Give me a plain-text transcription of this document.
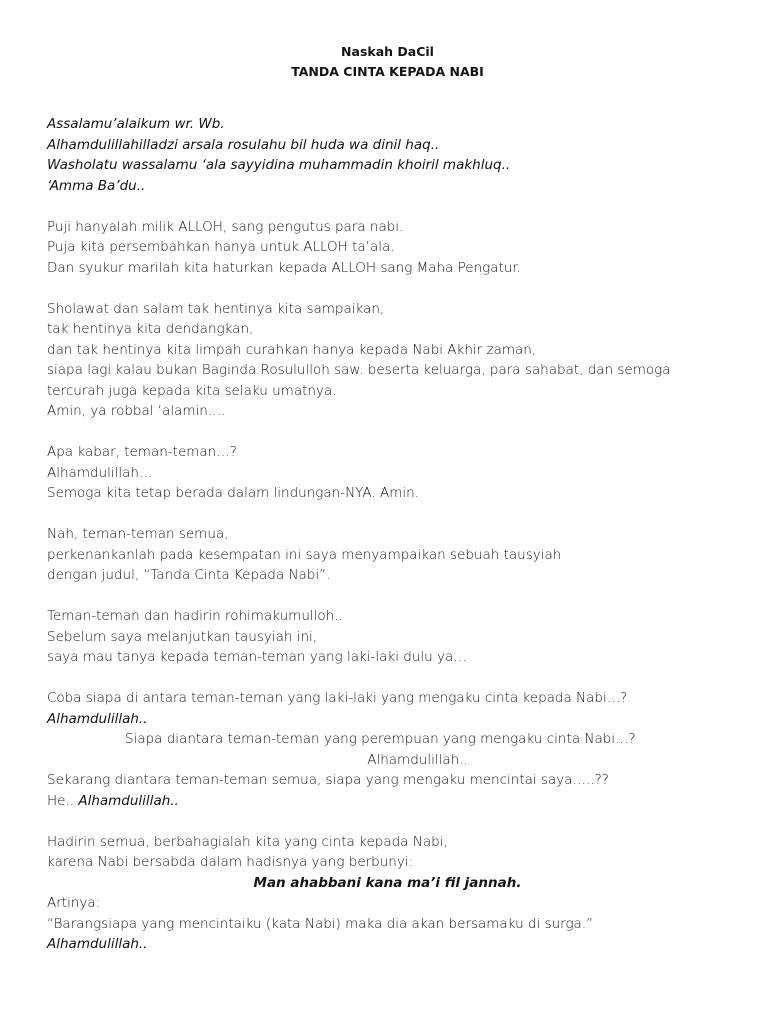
Naskah DaCil
TANDA CINTA KEPADA NABI
Assalamu’alaikum wr. Wb.
Alhamdulillahilladzi arsala rosulahu bil huda wa dinil haq..
Washolatu wassalamu ‘ala sayyidina muhammadin khoiril makhluq..
‘Amma Ba’du..
Puji hanyalah milik ALLOH, sang pengutus para nabi.
Puja kita persembahkan hanya untuk ALLOH ta’ala.
Dan syukur marilah kita haturkan kepada ALLOH sang Maha Pengatur.
Sholawat dan salam tak hentinya kita sampaikan,
tak hentinya kita dendangkan,
dan tak hentinya kita limpah curahkan hanya kepada Nabi Akhir zaman,
siapa lagi kalau bukan Baginda Rosululloh saw. beserta keluarga, para sahabat, dan semoga
tercurah juga kepada kita selaku umatnya.
Amin, ya robbal ‘alamin….
Apa kabar, teman-teman…?
Alhamdulillah…
Semoga kita tetap berada dalam lindungan-NYA. Amin.
Nah, teman-teman semua,
perkenankanlah pada kesempatan ini saya menyampaikan sebuah tausyiah
dengan judul, “Tanda Cinta Kepada Nabi”.
Teman-teman dan hadirin rohimakumulloh..
Sebelum saya melanjutkan tausyiah ini,
saya mau tanya kepada teman-teman yang laki-laki dulu ya…
Coba siapa di antara teman-teman yang laki-laki yang mengaku cinta kepada Nabi…?
Alhamdulillah..
Siapa diantara teman-teman yang perempuan yang mengaku cinta Nabi…?
Alhamdulillah..
Sekarang diantara teman-teman semua, siapa yang mengaku mencintai saya…..??
He.. Alhamdulillah..
Hadirin semua, berbahagialah kita yang cinta kepada Nabi,
karena Nabi bersabda dalam hadisnya yang berbunyi:
Man ahabbani kana ma’i fil jannah.
Artinya:
“Barangsiapa yang mencintaiku (kata Nabi) maka dia akan bersamaku di surga.”
Alhamdulillah..
